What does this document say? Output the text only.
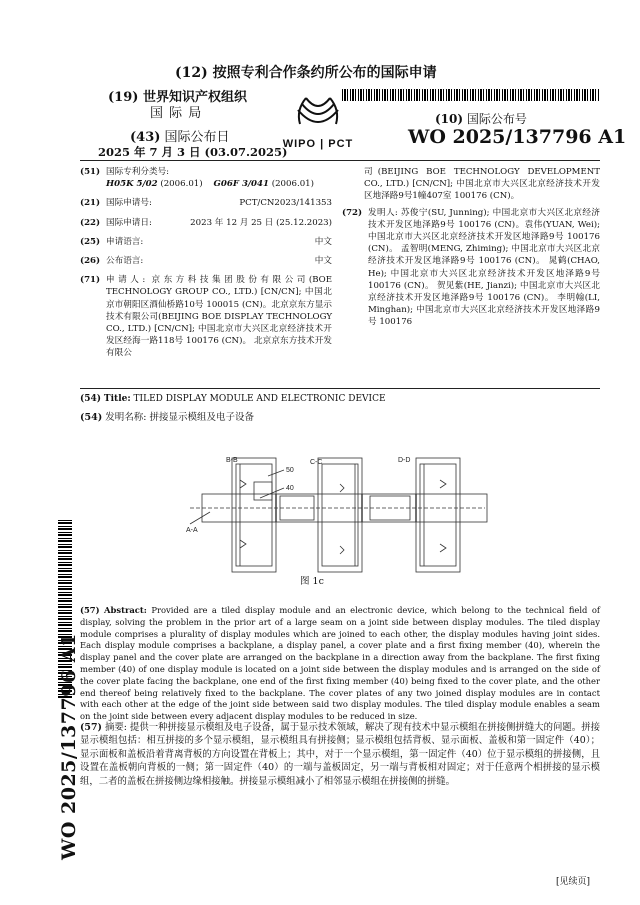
(12) 按照专利合作条约所公布的国际申请
(19) 世界知识产权组织
国 际 局
(43) 国际公布日
2025 年 7 月 3 日 (03.07.2025)
WIPO | PCT
(10) 国际公布号
WO 2025/137796 A1
(51) 国际专利分类号:
H05K 5/02 (2006.01) G06F 3/041 (2006.01)
(21) 国际申请号:	PCT/CN2023/141353
(22) 国际申请日:	2023 年 12 月 25 日 (25.12.2023)
(25) 申请语言:	中文
(26) 公布语言:	中文
(71) 申请人: 京东方科技集团股份有限公司(BOE TECHNOLOGY GROUP CO., LTD.) [CN/CN]; 中国北京市朝阳区酒仙桥路10号 100015 (CN)。北京京东方显示技术有限公司(BEIJING BOE DISPLAY TECHNOLOGY CO., LTD.) [CN/CN]; 中国北京市大兴区北京经济技术开发区经海一路118号 100176 (CN)。 北京京东方技术开发有限公
司(BEIJING BOE TECHNOLOGY DEVELOPMENT CO., LTD.) [CN/CN]; 中国北京市大兴区北京经济技术开发区地泽路9号1幢407室 100176 (CN)。
(72) 发明人: 苏俊宁(SU, Junning); 中国北京市大兴区北京经济技术开发区地泽路9号 100176 (CN)。袁伟(YUAN, Wei); 中国北京市大兴区北京经济技术开发区地泽路9号 100176 (CN)。 孟智明(MENG, Zhiming); 中国北京市大兴区北京经济技术开发区地泽路9号 100176 (CN)。 晁鹤(CHAO, He); 中国北京市大兴区北京经济技术开发区地泽路9号 100176 (CN)。 贺见紫(HE, Jianzi); 中国北京市大兴区北京经济技术开发区地泽路9号 100176 (CN)。 李明翰(LI, Minghan); 中国北京市大兴区北京经济技术开发区地泽路9号 100176
(54) Title: TILED DISPLAY MODULE AND ELECTRONIC DEVICE
(54) 发明名称: 拼接显示模组及电子设备
B-B
50
40
C-C	D-D
A-A
图 1c
(57) Abstract: Provided are a tiled display module and an electronic device, which belong to the technical field of display, solving the problem in the prior art of a large seam on a joint side between display modules. The tiled display module comprises a plurality of display modules which are joined to each other, the display modules having joint sides. Each display module comprises a backplane, a display panel, a cover plate and a first fixing member (40), wherein the display panel and the cover plate are arranged on the backplane in a direction away from the backplane. The first fixing member (40) of one display module is located on a joint side between the display modules and is arranged on the side of the cover plate facing the backplane, one end of the first fixing member (40) being fixed to the cover plate, and the other end thereof being relatively fixed to the backplane. The cover plates of any two joined display modules are in contact with each other at the edge of the joint side between said two display modules. The tiled display module enables a seam on the joint side between every adjacent display modules to be reduced in size.
(57) 摘要: 提供一种拼接显示模组及电子设备，属于显示技术领域，解决了现有技术中显示模组在拼接侧拼缝大的问题。拼接显示模组包括：相互拼接的多个显示模组，显示模组具有拼接侧；显示模组包括背板、显示面板、盖板和第一固定件（40）；显示面板和盖板沿着背离背板的方向设置在背板上；其中，对于一个显示模组，第一固定件（40）位于显示模组的拼接侧，且设置在盖板朝向背板的一侧；第一固定件（40）的一端与盖板固定，另一端与背板相对固定；对于任意两个相拼接的显示模组，二者的盖板在拼接侧边缘相接触。拼接显示模组减小了相邻显示模组在拼接侧的拼缝。
WO 2025/137796 A1
[见续页]
